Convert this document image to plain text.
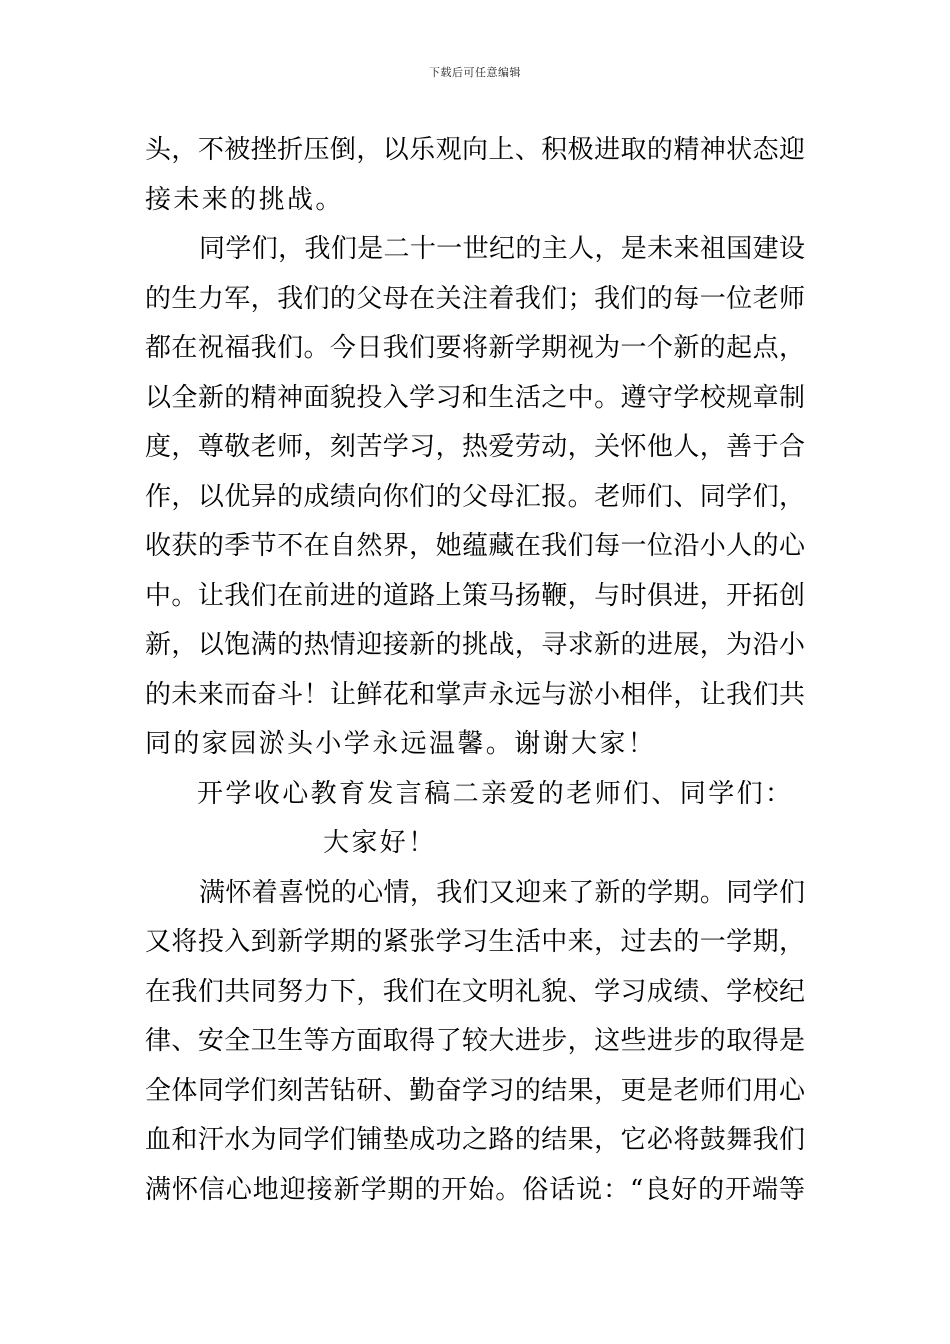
下载后可任意编辑
头，不被挫折压倒，以乐观向上、积极进取的精神状态迎
接未来的挑战。
同学们，我们是二十一世纪的主人，是未来祖国建设
的生力军，我们的父母在关注着我们；我们的每一位老师
都在祝福我们。今日我们要将新学期视为一个新的起点，
以全新的精神面貌投入学习和生活之中。遵守学校规章制
度，尊敬老师，刻苦学习，热爱劳动，关怀他人，善于合
作，以优异的成绩向你们的父母汇报。老师们、同学们，
收获的季节不在自然界，她蕴藏在我们每一位沿小人的心
中。让我们在前进的道路上策马扬鞭，与时俱进，开拓创
新，以饱满的热情迎接新的挑战，寻求新的进展，为沿小
的未来而奋斗！让鲜花和掌声永远与淤小相伴，让我们共
同的家园淤头小学永远温馨。谢谢大家！
开学收心教育发言稿二亲爱的老师们、同学们：
大家好！
满怀着喜悦的心情，我们又迎来了新的学期。同学们
又将投入到新学期的紧张学习生活中来，过去的一学期，
在我们共同努力下，我们在文明礼貌、学习成绩、学校纪
律、安全卫生等方面取得了较大进步，这些进步的取得是
全体同学们刻苦钻研、勤奋学习的结果，更是老师们用心
血和汗水为同学们铺垫成功之路的结果，它必将鼓舞我们
满怀信心地迎接新学期的开始。俗话说：“良好的开端等
